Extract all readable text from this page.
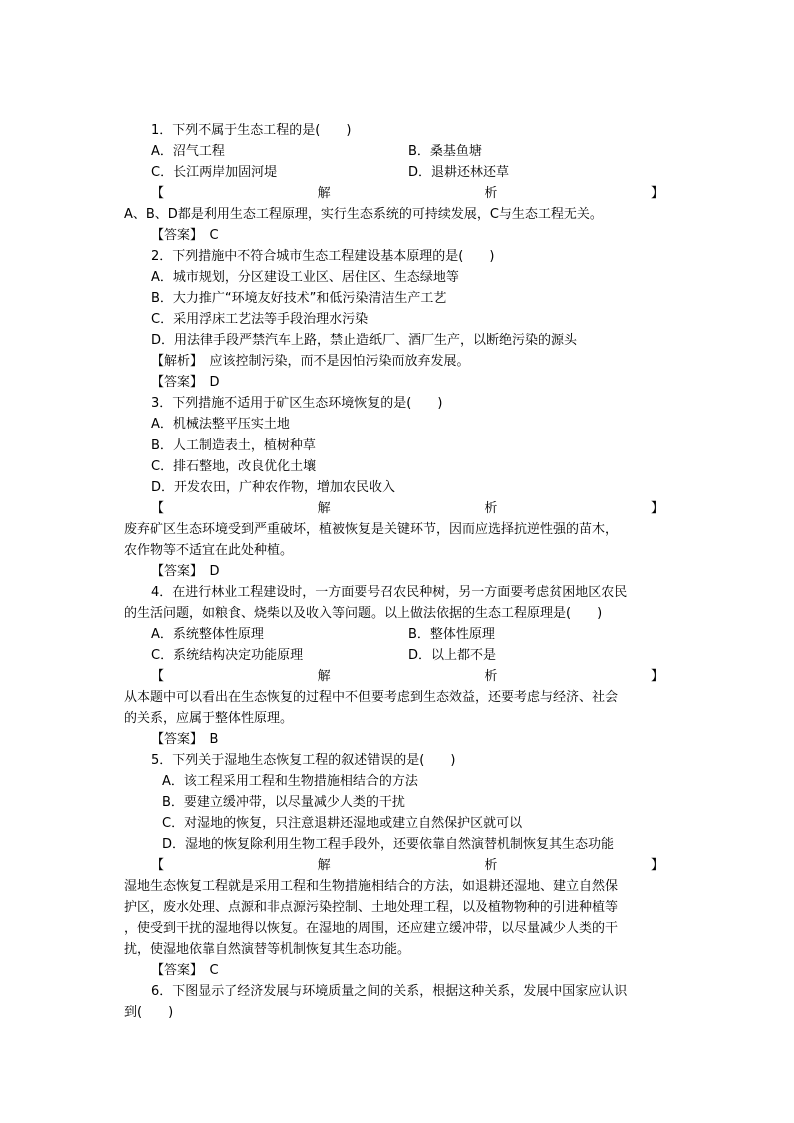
1．下列不属于生态工程的是(　　)
A．沼气工程	B．桑基鱼塘
C．长江两岸加固河堤	D．退耕还林还草
【	解	析	】
A、B、D都是利用生态工程原理，实行生态系统的可持续发展，C与生态工程无关。
【答案】　C
2．下列措施中不符合城市生态工程建设基本原理的是(　　)
A．城市规划，分区建设工业区、居住区、生态绿地等
B．大力推广“环境友好技术”和低污染清洁生产工艺
C．采用浮床工艺法等手段治理水污染
D．用法律手段严禁汽车上路，禁止造纸厂、酒厂生产，以断绝污染的源头
【解析】　应该控制污染，而不是因怕污染而放弃发展。
【答案】　D
3．下列措施不适用于矿区生态环境恢复的是(　　)
A．机械法整平压实土地
B．人工制造表土，植树种草
C．排石整地，改良优化土壤
D．开发农田，广种农作物，增加农民收入
【	解	析	】
废弃矿区生态环境受到严重破坏，植被恢复是关键环节，因而应选择抗逆性强的苗木，
农作物等不适宜在此处种植。
【答案】　D
4．在进行林业工程建设时，一方面要号召农民种树，另一方面要考虑贫困地区农民
的生活问题，如粮食、烧柴以及收入等问题。以上做法依据的生态工程原理是(　　)
A．系统整体性原理	B．整体性原理
C．系统结构决定功能原理	D．以上都不是
【	解	析	】
从本题中可以看出在生态恢复的过程中不但要考虑到生态效益，还要考虑与经济、社会
的关系，应属于整体性原理。
【答案】　B
5．下列关于湿地生态恢复工程的叙述错误的是(　　)
A．该工程采用工程和生物措施相结合的方法
B．要建立缓冲带，以尽量减少人类的干扰
C．对湿地的恢复，只注意退耕还湿地或建立自然保护区就可以
D．湿地的恢复除利用生物工程手段外，还要依靠自然演替机制恢复其生态功能
【	解	析	】
湿地生态恢复工程就是采用工程和生物措施相结合的方法，如退耕还湿地、建立自然保
护区，废水处理、点源和非点源污染控制、土地处理工程，以及植物物种的引进种植等
，使受到干扰的湿地得以恢复。在湿地的周围，还应建立缓冲带，以尽量减少人类的干
扰，使湿地依靠自然演替等机制恢复其生态功能。
【答案】　C
6．下图显示了经济发展与环境质量之间的关系，根据这种关系，发展中国家应认识
到(　　)
